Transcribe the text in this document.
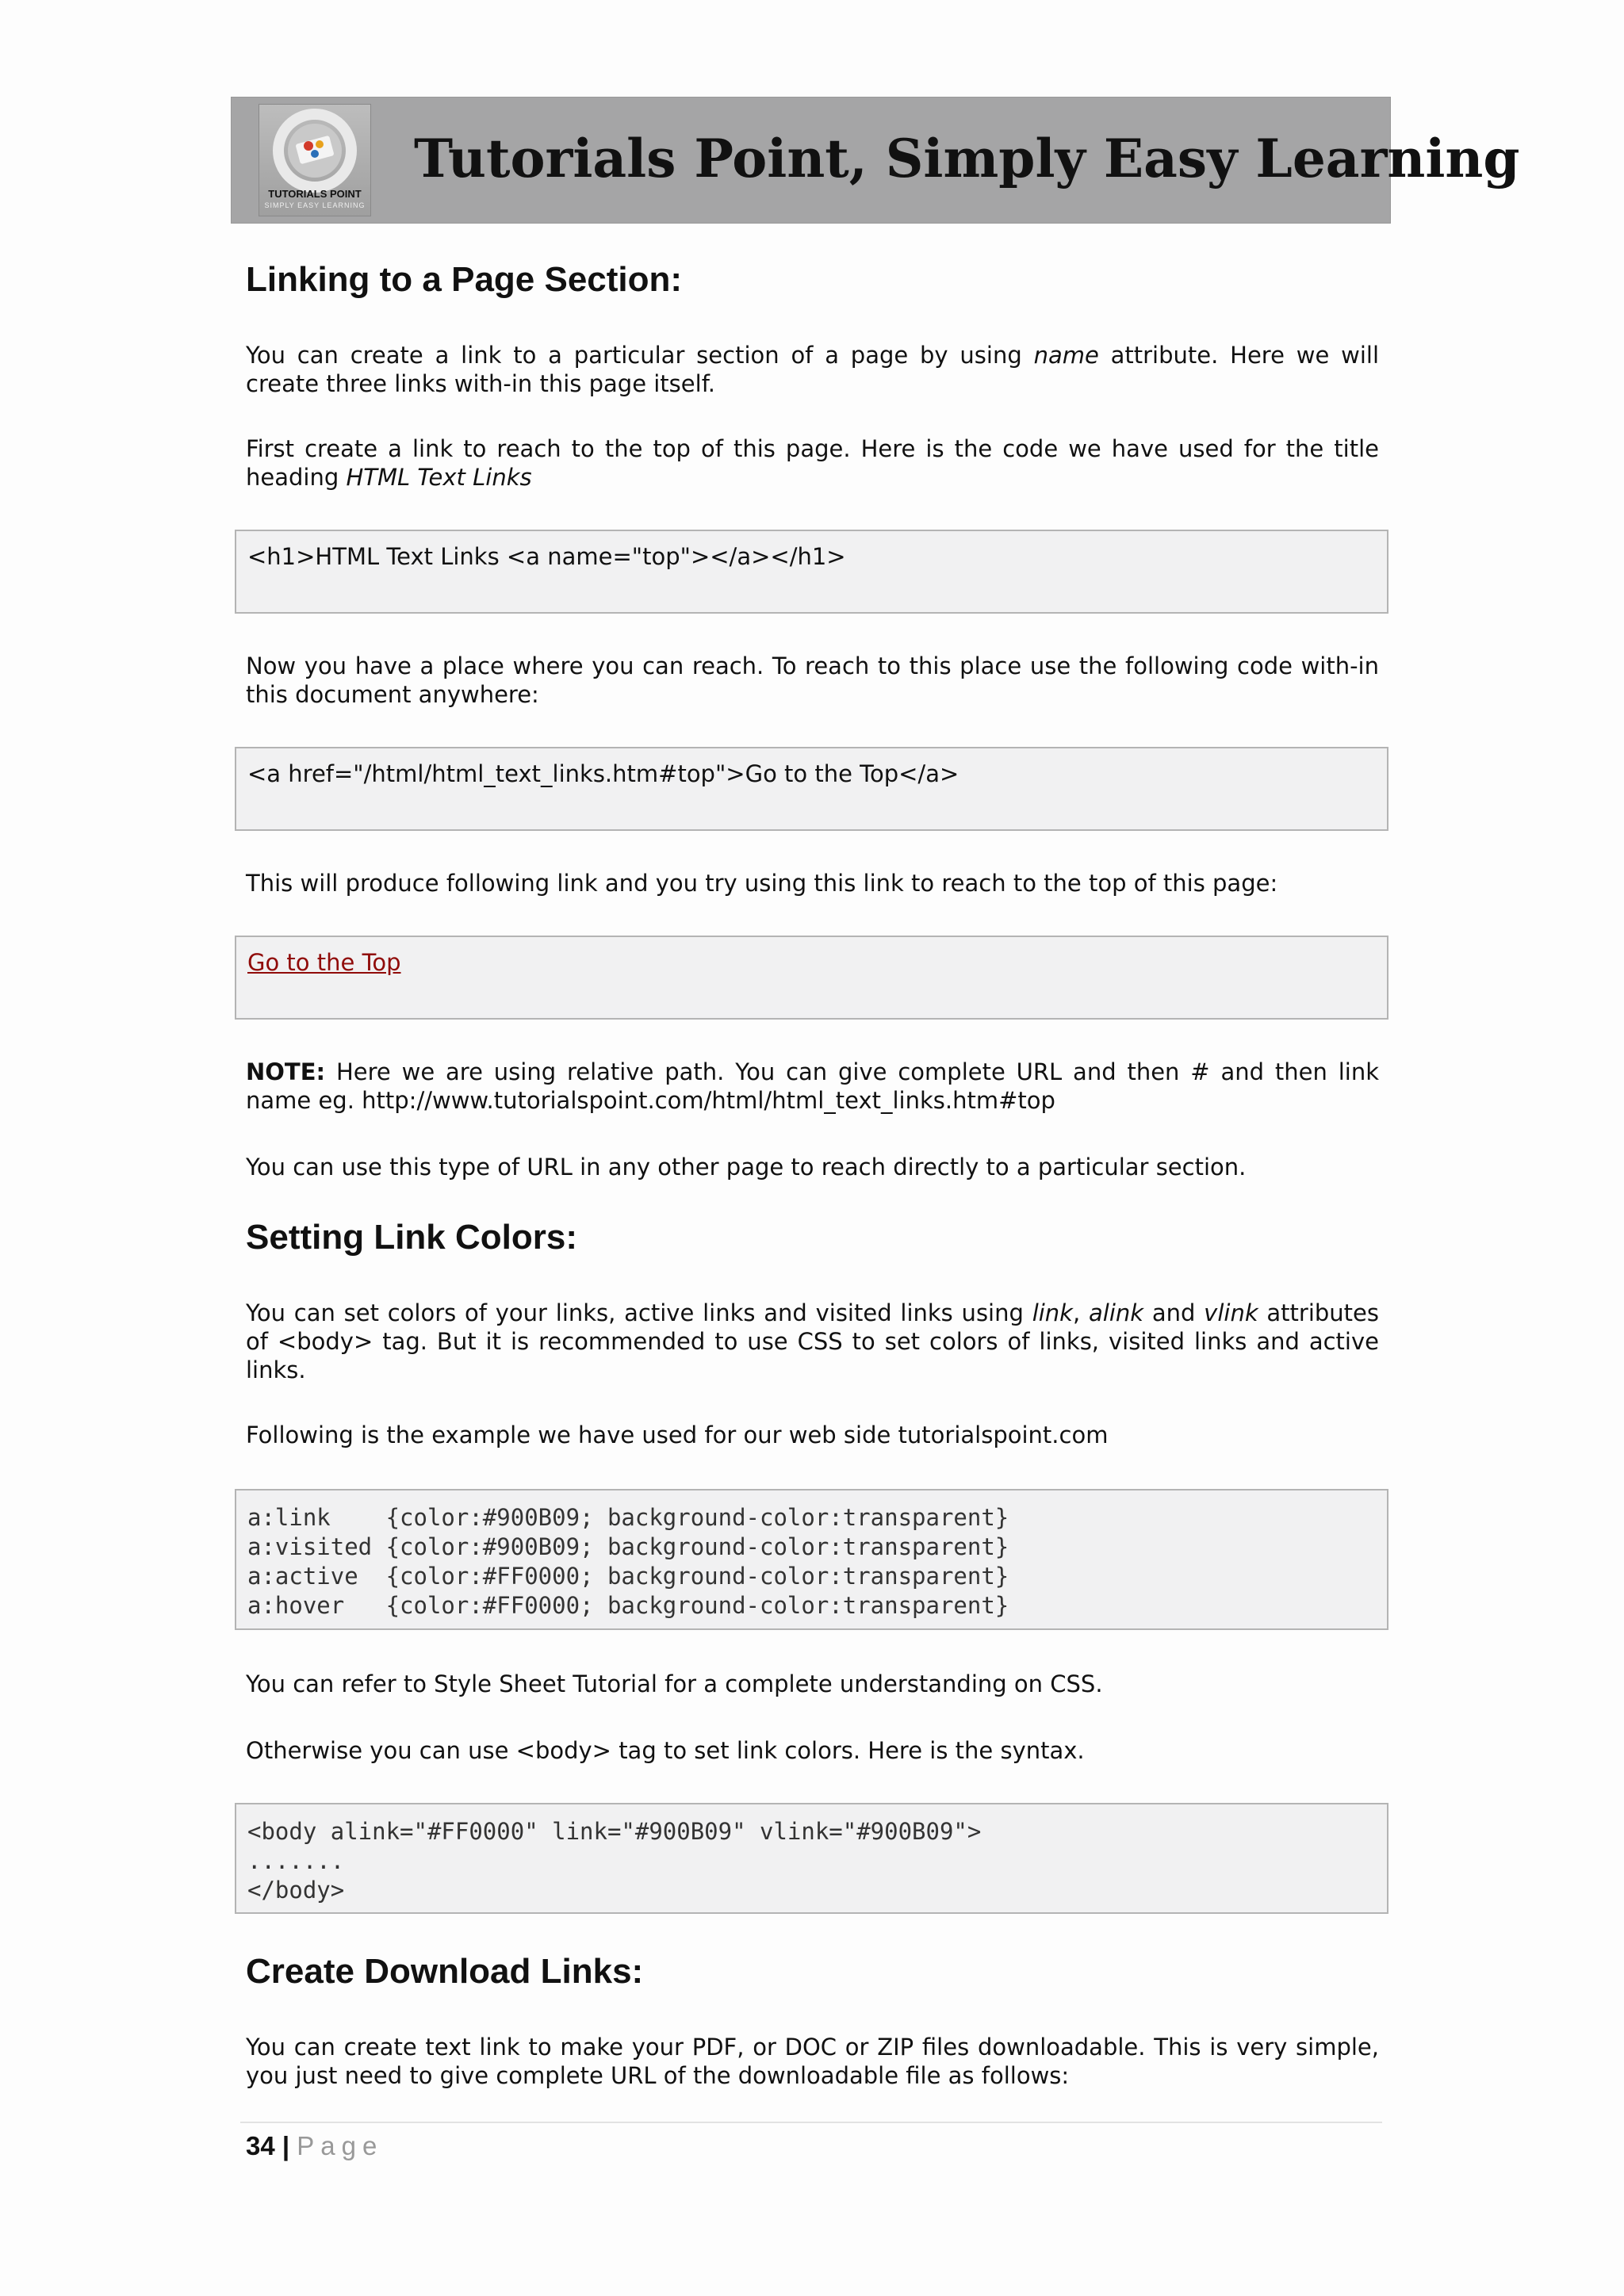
TUTORIALS POINT
SIMPLY EASY LEARNING
Tutorials Point, Simply Easy Learning
Linking to a Page Section:

You can create a link to a particular section of a page by using name attribute. Here we will create three links with-in this page itself.

First create a link to reach to the top of this page. Here is the code we have used for the title heading HTML Text Links

<h1>HTML Text Links <a name="top"></a></h1>

Now you have a place where you can reach. To reach to this place use the following code with-in this document anywhere:

<a href="/html/html_text_links.htm#top">Go to the Top</a>

This will produce following link and you try using this link to reach to the top of this page:

Go to the Top

NOTE: Here we are using relative path. You can give complete URL and then # and then link name eg. http://www.tutorialspoint.com/html/html_text_links.htm#top

You can use this type of URL in any other page to reach directly to a particular section.

Setting Link Colors:

You can set colors of your links, active links and visited links using link, alink and vlink attributes of <body> tag. But it is recommended to use CSS to set colors of links, visited links and active links.

Following is the example we have used for our web side tutorialspoint.com

a:link    {color:#900B09; background-color:transparent}
a:visited {color:#900B09; background-color:transparent}
a:active  {color:#FF0000; background-color:transparent}
a:hover   {color:#FF0000; background-color:transparent}

You can refer to Style Sheet Tutorial for a complete understanding on CSS.

Otherwise you can use <body> tag to set link colors. Here is the syntax.

<body alink="#FF0000" link="#900B09" vlink="#900B09">
.......
</body>
Create Download Links:

You can create text link to make your PDF, or DOC or ZIP files downloadable. This is very simple, you just need to give complete URL of the downloadable file as follows:

34 | Page
